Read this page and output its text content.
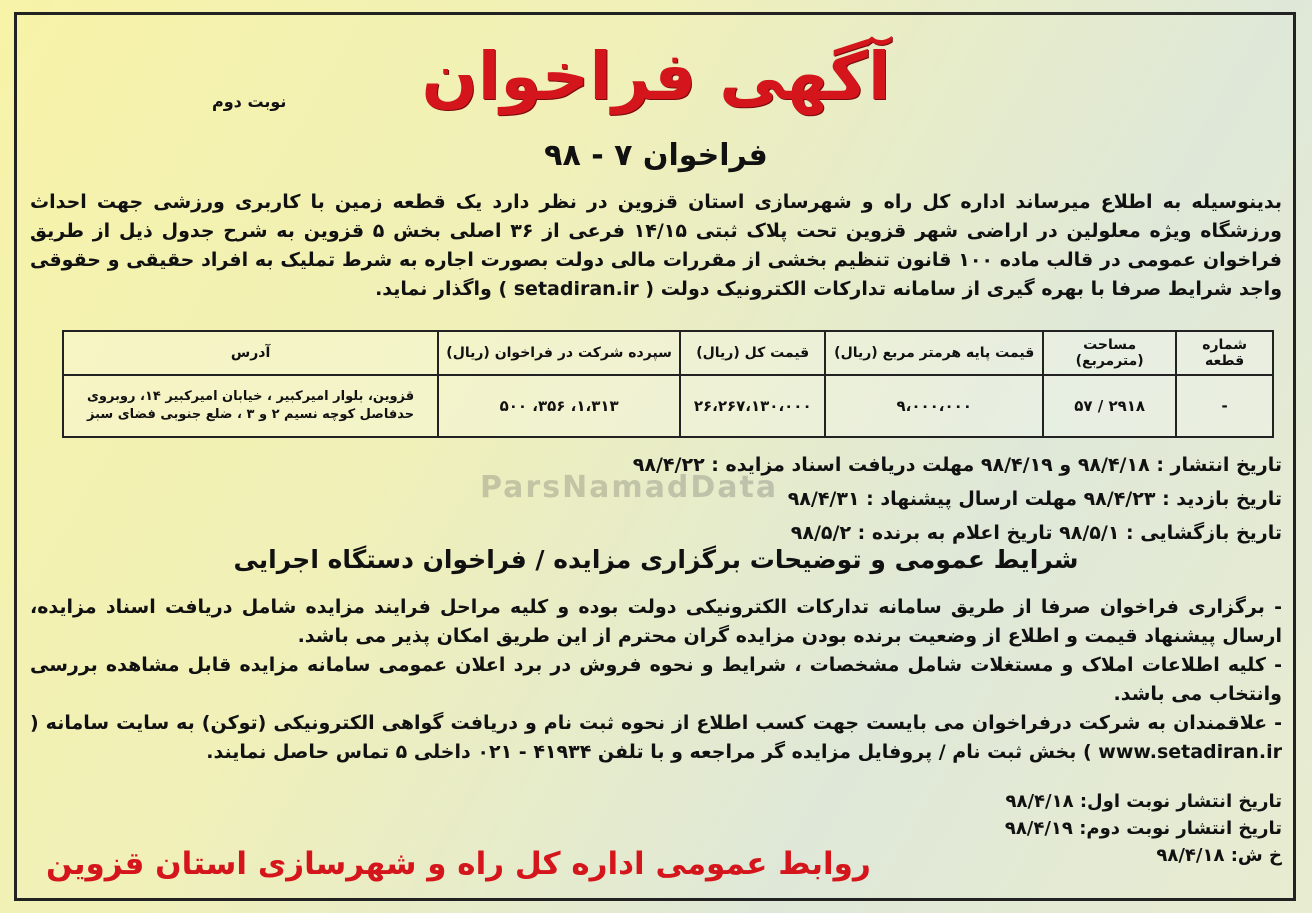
نوبت دوم	آگهی فراخوان
فراخوان ۷ - ۹۸
بدینوسیله به اطلاع میرساند اداره کل راه و شهرسازی استان قزوین در نظر دارد یک قطعه زمین با کاربری ورزشی جهت احداث ورزشگاه ویژه معلولین در اراضی شهر قزوین تحت پلاک ثبتی ۱۴/۱۵ فرعی از ۳۶ اصلی بخش ۵ قزوین به شرح جدول ذیل از طریق فراخوان عمومی در قالب ماده ۱۰۰ قانون تنظیم بخشی از مقررات مالی دولت بصورت اجاره به شرط تملیک به افراد حقیقی و حقوقی واجد شرایط صرفا با بهره گیری از سامانه تدارکات الکترونیک دولت ( setadiran.ir ) واگذار نماید.
شماره قطعه	مساحت (مترمربع)	قیمت پایه هرمتر مربع (ریال)	قیمت کل (ریال)	سپرده شرکت در فراخوان (ریال)	آدرس
-	۲۹۱۸ / ۵۷	۹،۰۰۰،۰۰۰	۲۶،۲۶۷،۱۳۰،۰۰۰	۱،۳۱۳، ۳۵۶، ۵۰۰	قزوین، بلوار امیرکبیر ، خیابان امیرکبیر ۱۴، روبروی حدفاصل کوچه نسیم ۲ و ۳ ، ضلع جنوبی فضای سبز
تاریخ انتشار : ۹۸/۴/۱۸ و ۹۸/۴/۱۹ مهلت دریافت اسناد مزایده : ۹۸/۴/۲۲
تاریخ بازدید : ۹۸/۴/۲۳ مهلت ارسال پیشنهاد : ۹۸/۴/۳۱
تاریخ بازگشایی : ۹۸/۵/۱ تاریخ اعلام به برنده : ۹۸/۵/۲
ParsNamadData
شرایط عمومی و توضیحات برگزاری مزایده / فراخوان دستگاه اجرایی
- برگزاری فراخوان صرفا از طریق سامانه تدارکات الکترونیکی دولت بوده و کلیه مراحل فرایند مزایده شامل دریافت اسناد مزایده، ارسال پیشنهاد قیمت و اطلاع از وضعیت برنده بودن مزایده گران محترم از این طریق امکان پذیر می باشد.
- کلیه اطلاعات املاک و مستغلات شامل مشخصات ، شرایط و نحوه فروش در برد اعلان عمومی سامانه مزایده قابل مشاهده بررسی وانتخاب می باشد.
- علاقمندان به شرکت درفراخوان می بایست جهت کسب اطلاع از نحوه ثبت نام و دریافت گواهی الکترونیکی (توکن) به سایت سامانه ( www.setadiran.ir ) بخش ثبت نام / پروفایل مزایده گر مراجعه و با تلفن ۴۱۹۳۴ - ۰۲۱ داخلی ۵ تماس حاصل نمایند.
تاریخ انتشار نوبت اول: ۹۸/۴/۱۸
تاریخ انتشار نوبت دوم: ۹۸/۴/۱۹
خ ش: ۹۸/۴/۱۸
روابط عمومی اداره کل راه و شهرسازی استان قزوین
